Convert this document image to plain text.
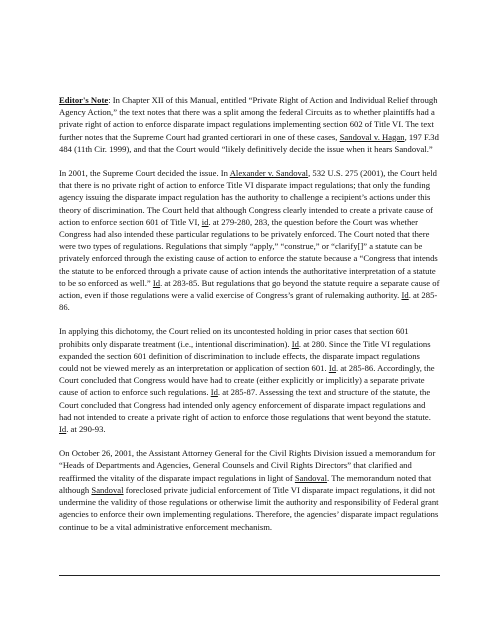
Editor's Note: In Chapter XII of this Manual, entitled “Private Right of Action and Individual Relief through Agency Action,” the text notes that there was a split among the federal Circuits as to whether plaintiffs had a private right of action to enforce disparate impact regulations implementing section 602 of Title VI. The text further notes that the Supreme Court had granted certiorari in one of these cases, Sandoval v. Hagan, 197 F.3d 484 (11th Cir. 1999), and that the Court would “likely definitively decide the issue when it hears Sandoval.”

In 2001, the Supreme Court decided the issue. In Alexander v. Sandoval, 532 U.S. 275 (2001), the Court held that there is no private right of action to enforce Title VI disparate impact regulations; that only the funding agency issuing the disparate impact regulation has the authority to challenge a recipient’s actions under this theory of discrimination. The Court held that although Congress clearly intended to create a private cause of action to enforce section 601 of Title VI, id. at 279-280, 283, the question before the Court was whether Congress had also intended these particular regulations to be privately enforced. The Court noted that there were two types of regulations. Regulations that simply “apply,” “construe,” or “clarify[]” a statute can be privately enforced through the existing cause of action to enforce the statute because a “Congress that intends the statute to be enforced through a private cause of action intends the authoritative interpretation of a statute to be so enforced as well.” Id. at 283-85. But regulations that go beyond the statute require a separate cause of action, even if those regulations were a valid exercise of Congress’s grant of rulemaking authority. Id. at 285-86.

In applying this dichotomy, the Court relied on its uncontested holding in prior cases that section 601 prohibits only disparate treatment (i.e., intentional discrimination). Id. at 280. Since the Title VI regulations expanded the section 601 definition of discrimination to include effects, the disparate impact regulations could not be viewed merely as an interpretation or application of section 601. Id. at 285-86. Accordingly, the Court concluded that Congress would have had to create (either explicitly or implicitly) a separate private cause of action to enforce such regulations. Id. at 285-87. Assessing the text and structure of the statute, the Court concluded that Congress had intended only agency enforcement of disparate impact regulations and had not intended to create a private right of action to enforce those regulations that went beyond the statute. Id. at 290-93.

On October 26, 2001, the Assistant Attorney General for the Civil Rights Division issued a memorandum for “Heads of Departments and Agencies, General Counsels and Civil Rights Directors” that clarified and reaffirmed the vitality of the disparate impact regulations in light of Sandoval. The memorandum noted that although Sandoval foreclosed private judicial enforcement of Title VI disparate impact regulations, it did not undermine the validity of those regulations or otherwise limit the authority and responsibility of Federal grant agencies to enforce their own implementing regulations. Therefore, the agencies’ disparate impact regulations continue to be a vital administrative enforcement mechanism.
